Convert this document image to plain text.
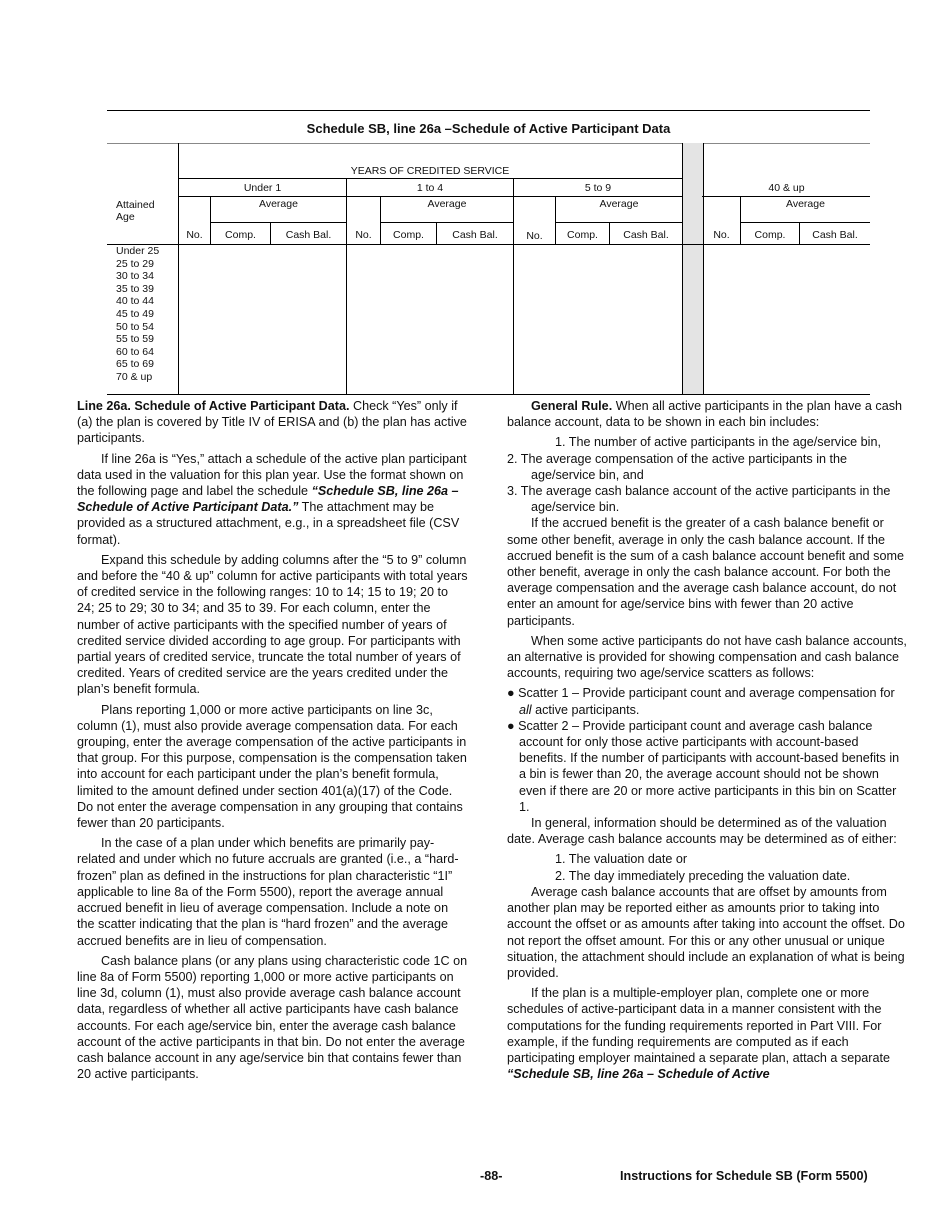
Schedule SB, line 26a –Schedule of Active Participant Data
YEARS OF CREDITED SERVICE
Under 1	1 to 4	5 to 9	40 & up
Attained
Age
Average	Average	Average	Average
No.	Comp.	Cash Bal.	No.	Comp.	Cash Bal.	No.	Comp.	Cash Bal.	No.	Comp.	Cash Bal.
Under 25
25 to 29
30 to 34
35 to 39
40 to 44
45 to 49
50 to 54
55 to 59
60 to 64
65 to 69
70 & up

Line 26a. Schedule of Active Participant Data. Check “Yes” only if (a) the plan is covered by Title IV of ERISA and (b) the plan has active participants.

If line 26a is “Yes,” attach a schedule of the active plan participant data used in the valuation for this plan year. Use the format shown on the following page and label the schedule “Schedule SB, line 26a – Schedule of Active Participant Data.” The attachment may be provided as a structured attachment, e.g., in a spreadsheet file (CSV format).

Expand this schedule by adding columns after the “5 to 9” column and before the “40 & up” column for active participants with total years of credited service in the following ranges: 10 to 14; 15 to 19; 20 to 24; 25 to 29; 30 to 34; and 35 to 39. For each column, enter the number of active participants with the specified number of years of credited service divided according to age group. For participants with partial years of credited service, truncate the total number of years of credited. Years of credited service are the years credited under the plan’s benefit formula.

Plans reporting 1,000 or more active participants on line 3c, column (1), must also provide average compensation data. For each grouping, enter the average compensation of the active participants in that group. For this purpose, compensation is the compensation taken into account for each participant under the plan’s benefit formula, limited to the amount defined under section 401(a)(17) of the Code. Do not enter the average compensation in any grouping that contains fewer than 20 participants.

In the case of a plan under which benefits are primarily pay-related and under which no future accruals are granted (i.e., a “hard-frozen” plan as defined in the instructions for plan characteristic “1I” applicable to line 8a of the Form 5500), report the average annual accrued benefit in lieu of average compensation. Include a note on the scatter indicating that the plan is “hard frozen” and the average accrued benefits are in lieu of compensation.

Cash balance plans (or any plans using characteristic code 1C on line 8a of Form 5500) reporting 1,000 or more active participants on line 3d, column (1), must also provide average cash balance account data, regardless of whether all active participants have cash balance accounts. For each age/service bin, enter the average cash balance account of the active participants in that bin. Do not enter the average cash balance account in any age/service bin that contains fewer than 20 active participants.

General Rule. When all active participants in the plan have a cash balance account, data to be shown in each bin includes:

1. The number of active participants in the age/service bin,

2. The average compensation of the active participants in the age/service bin, and

3. The average cash balance account of the active participants in the age/service bin.

If the accrued benefit is the greater of a cash balance benefit or some other benefit, average in only the cash balance account. If the accrued benefit is the sum of a cash balance account benefit and some other benefit, average in only the cash balance account. For both the average compensation and the average cash balance account, do not enter an amount for age/service bins with fewer than 20 active participants.

When some active participants do not have cash balance accounts, an alternative is provided for showing compensation and cash balance accounts, requiring two age/service scatters as follows:

● Scatter 1 – Provide participant count and average compensation for all active participants.

● Scatter 2 – Provide participant count and average cash balance account for only those active participants with account-based benefits. If the number of participants with account-based benefits in a bin is fewer than 20, the average account should not be shown even if there are 20 or more active participants in this bin on Scatter 1.

In general, information should be determined as of the valuation date. Average cash balance accounts may be determined as of either:

1. The valuation date or

2. The day immediately preceding the valuation date.

Average cash balance accounts that are offset by amounts from another plan may be reported either as amounts prior to taking into account the offset or as amounts after taking into account the offset. Do not report the offset amount. For this or any other unusual or unique situation, the attachment should include an explanation of what is being provided.

If the plan is a multiple-employer plan, complete one or more schedules of active-participant data in a manner consistent with the computations for the funding requirements reported in Part VIII. For example, if the funding requirements are computed as if each participating employer maintained a separate plan, attach a separate “Schedule SB, line 26a – Schedule of Active

-88-	Instructions for Schedule SB (Form 5500)
